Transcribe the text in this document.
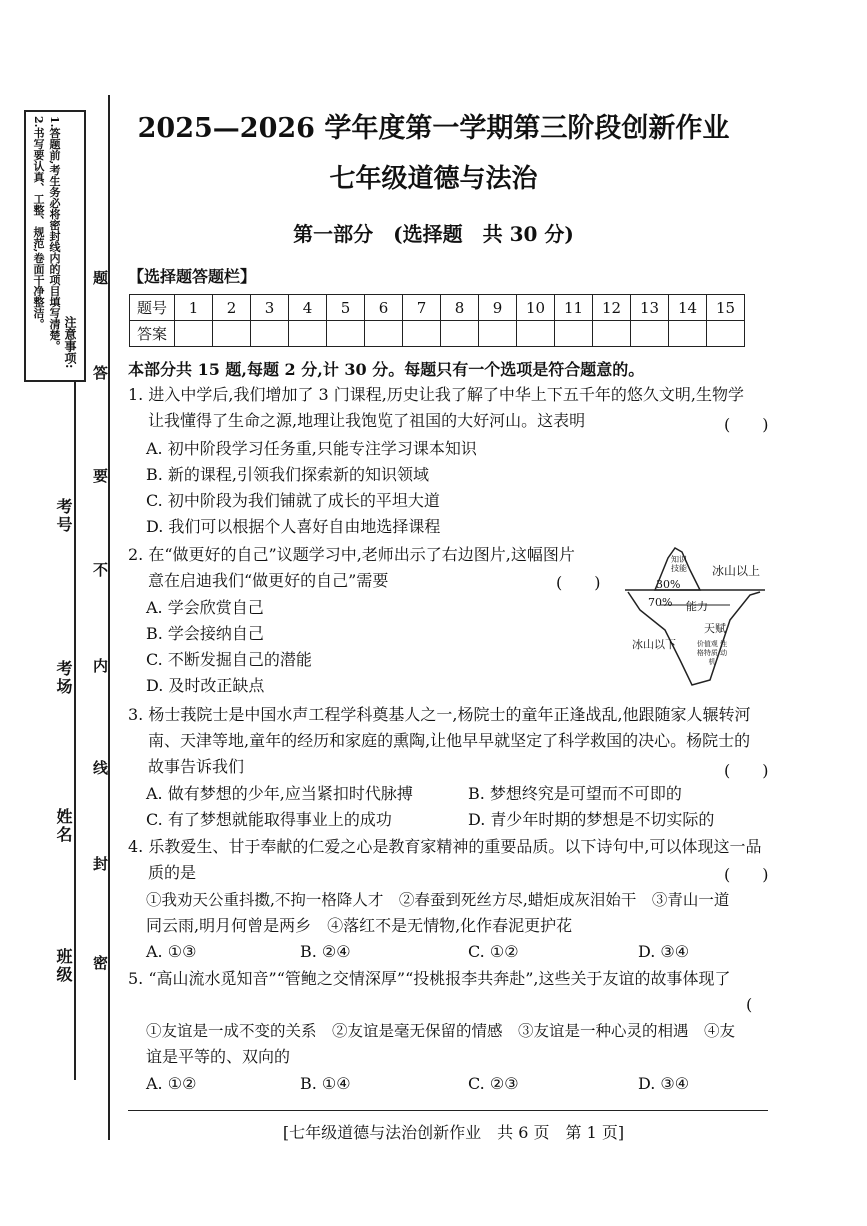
注意事项:
1.答题前,考生务必将密封线内的项目填写清楚。
2.书写要认真、工整、规范,卷面干净整洁。	题
答
要
不
内
线
封
密
考号
考场
姓名
班级
2025—2026 学年度第一学期第三阶段创新作业
七年级道德与法治
第一部分　(选择题　共 30 分)
【选择题答题栏】
题号	1	2	3	4	5	6	7	8	9	10	11	12	13	14	15
答案															
本部分共 15 题,每题 2 分,计 30 分。每题只有一个选项是符合题意的。
1. 进入中学后,我们增加了 3 门课程,历史让我了解了中华上下五千年的悠久文明,生物学
让我懂得了生命之源,地理让我饱览了祖国的大好河山。这表明	(　　)
A. 初中阶段学习任务重,只能专注学习课本知识
B. 新的课程,引领我们探索新的知识领域
C. 初中阶段为我们铺就了成长的平坦大道
D. 我们可以根据个人喜好自由地选择课程
2. 在“做更好的自己”议题学习中,老师出示了右边图片,这幅图片
意在启迪我们“做更好的自己”需要	(　　)
A. 学会欣赏自己
B. 学会接纳自己
C. 不断发掘自己的潜能
D. 及时改正缺点
知识 技能 冰山以上
30%
70% 能力
天赋
冰山以下	价值观 性格特质 动机
3. 杨士莪院士是中国水声工程学科奠基人之一,杨院士的童年正逢战乱,他跟随家人辗转河
南、天津等地,童年的经历和家庭的熏陶,让他早早就坚定了科学救国的决心。杨院士的
故事告诉我们	(　　)
A. 做有梦想的少年,应当紧扣时代脉搏	B. 梦想终究是可望而不可即的
C. 有了梦想就能取得事业上的成功	D. 青少年时期的梦想是不切实际的
4. 乐教爱生、甘于奉献的仁爱之心是教育家精神的重要品质。以下诗句中,可以体现这一品
质的是	(　　)
①我劝天公重抖擞,不拘一格降人才　②春蚕到死丝方尽,蜡炬成灰泪始干　③青山一道
同云雨,明月何曾是两乡　④落红不是无情物,化作春泥更护花
A. ①③	B. ②④	C. ①②	D. ③④
5. “高山流水觅知音”“管鲍之交情深厚”“投桃报李共奔赴”,这些关于友谊的故事体现了
(
①友谊是一成不变的关系　②友谊是毫无保留的情感　③友谊是一种心灵的相遇　④友
谊是平等的、双向的
A. ①②	B. ①④	C. ②③	D. ③④
[七年级道德与法治创新作业　共 6 页　第 1 页]
